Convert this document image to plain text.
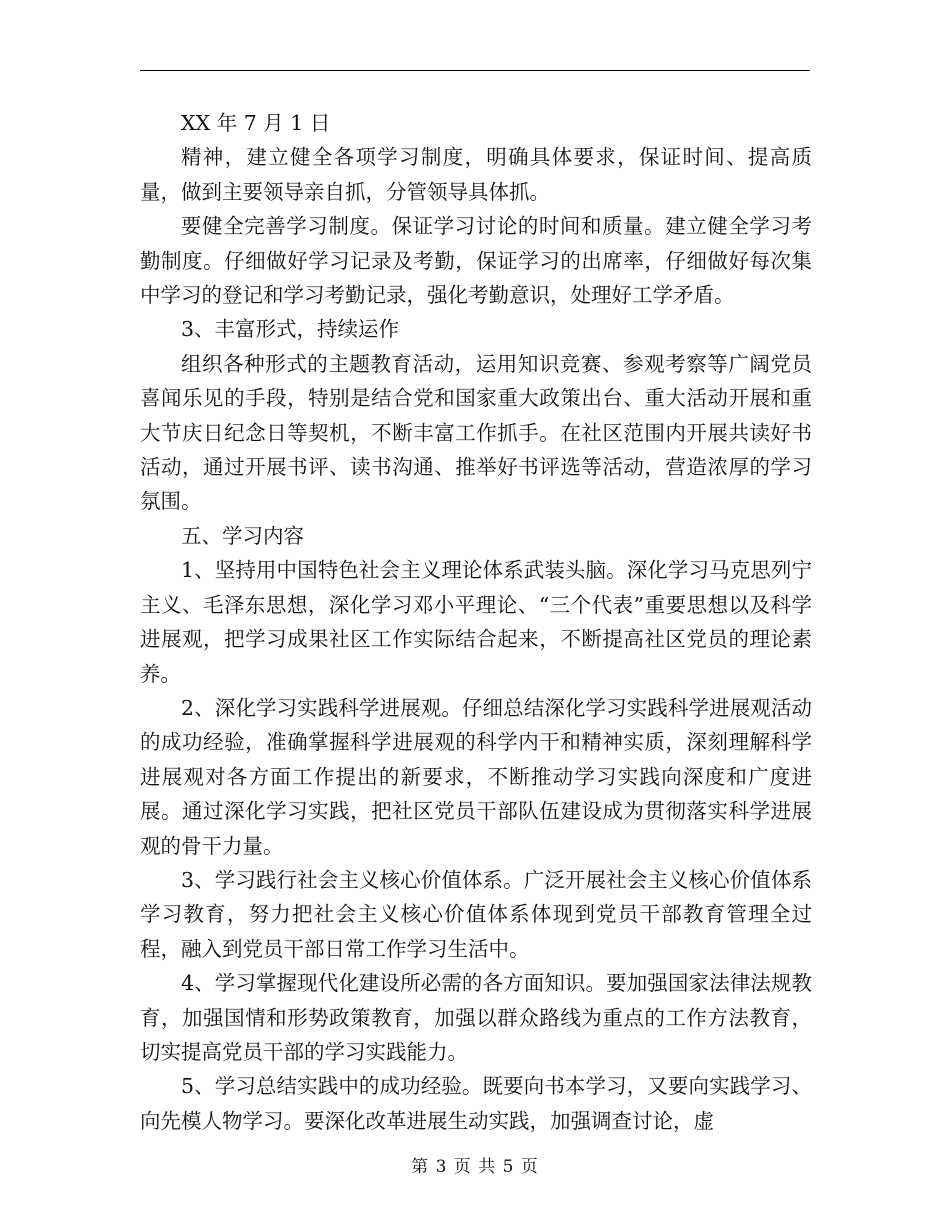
XX 年 7 月 1 日

精神，建立健全各项学习制度，明确具体要求，保证时间、提高质量，做到主要领导亲自抓，分管领导具体抓。

要健全完善学习制度。保证学习讨论的时间和质量。建立健全学习考勤制度。仔细做好学习记录及考勤，保证学习的出席率，仔细做好每次集中学习的登记和学习考勤记录，强化考勤意识，处理好工学矛盾。

3、丰富形式，持续运作

组织各种形式的主题教育活动，运用知识竞赛、参观考察等广阔党员喜闻乐见的手段，特别是结合党和国家重大政策出台、重大活动开展和重大节庆日纪念日等契机，不断丰富工作抓手。在社区范围内开展共读好书活动，通过开展书评、读书沟通、推举好书评选等活动，营造浓厚的学习氛围。

五、学习内容

1、坚持用中国特色社会主义理论体系武装头脑。深化学习马克思列宁主义、毛泽东思想，深化学习邓小平理论、“三个代表”重要思想以及科学进展观，把学习成果社区工作实际结合起来，不断提高社区党员的理论素养。

2、深化学习实践科学进展观。仔细总结深化学习实践科学进展观活动的成功经验，准确掌握科学进展观的科学内干和精神实质，深刻理解科学进展观对各方面工作提出的新要求，不断推动学习实践向深度和广度进展。通过深化学习实践，把社区党员干部队伍建设成为贯彻落实科学进展观的骨干力量。

3、学习践行社会主义核心价值体系。广泛开展社会主义核心价值体系学习教育，努力把社会主义核心价值体系体现到党员干部教育管理全过程，融入到党员干部日常工作学习生活中。

4、学习掌握现代化建设所必需的各方面知识。要加强国家法律法规教育，加强国情和形势政策教育，加强以群众路线为重点的工作方法教育，切实提高党员干部的学习实践能力。

5、学习总结实践中的成功经验。既要向书本学习，又要向实践学习、向先模人物学习。要深化改革进展生动实践，加强调查讨论，虚

第 3 页 共 5 页
